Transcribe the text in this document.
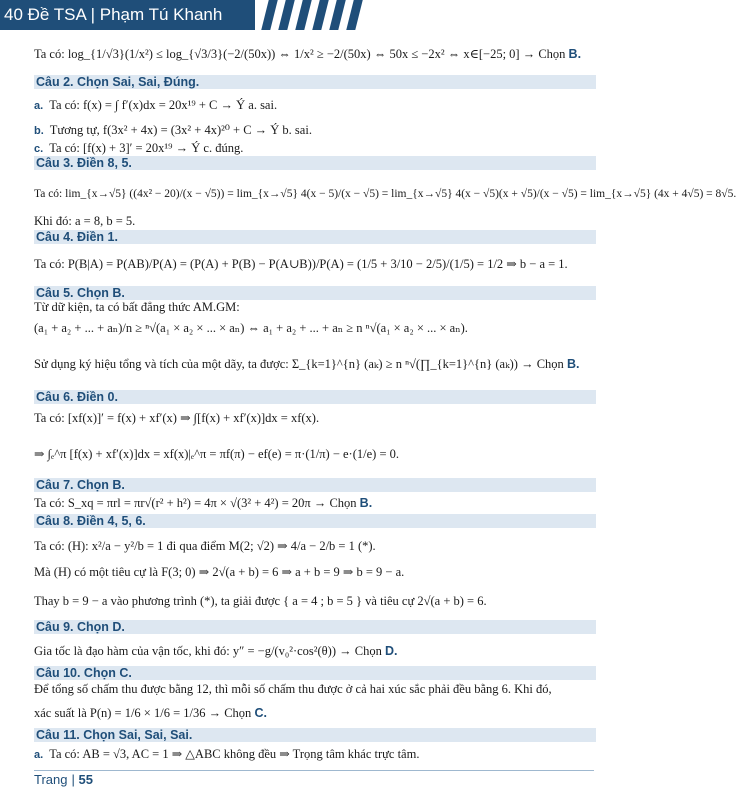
40 Đề TSA | Phạm Tú Khanh
Ta có: log_{1/√3}(1/x²) ≤ log_{√3/3}(−2/(50x)) ⇔ 1/x² ≥ −2/(50x) ⇔ 50x ≤ −2x² ⇔ x∈[−25; 0] → Chọn B.
Câu 2. Chọn Sai, Sai, Đúng.
a. Ta có: f(x) = ∫ f′(x)dx = 20x¹⁹ + C → Ý a. sai.
b. Tương tự, f(3x² + 4x) = (3x² + 4x)²⁰ + C → Ý b. sai.
c. Ta có: [f(x) + 3]′ = 20x¹⁹ → Ý c. đúng.
Câu 3. Điền 8, 5.
Ta có: lim_{x→√5} ((4x² − 20)/(x − √5)) = lim_{x→√5} 4(x − 5)/(x − √5) = lim_{x→√5} 4(x − √5)(x + √5)/(x − √5) = lim_{x→√5} (4x + 4√5) = 8√5.
Khi đó: a = 8, b = 5.
Câu 4. Điền 1.
Ta có: P(B|A) = P(AB)/P(A) = (P(A) + P(B) − P(A∪B))/P(A) = (1/5 + 3/10 − 2/5)/(1/5) = 1/2 ⇒ b − a = 1.
Câu 5. Chọn B.
Từ dữ kiện, ta có bất đẳng thức AM.GM:
(a₁ + a₂ + ... + aₙ)/n ≥ ⁿ√(a₁ × a₂ × ... × aₙ) ⇔ a₁ + a₂ + ... + aₙ ≥ n ⁿ√(a₁ × a₂ × ... × aₙ).
Sử dụng ký hiệu tổng và tích của một dãy, ta được: Σ_{k=1}^{n} (aₖ) ≥ n ⁿ√(∏_{k=1}^{n} (aₖ)) → Chọn B.
Câu 6. Điền 0.
Ta có: [xf(x)]′ = f(x) + xf′(x) ⇒ ∫[f(x) + xf′(x)]dx = xf(x).
⇒ ∫ₑ^π [f(x) + xf′(x)]dx = xf(x)|ₑ^π = πf(π) − ef(e) = π·(1/π) − e·(1/e) = 0.
Câu 7. Chọn B.
Ta có: S_xq = πrl = πr√(r² + h²) = 4π × √(3² + 4²) = 20π → Chọn B.
Câu 8. Điền 4, 5, 6.
Ta có: (H): x²/a − y²/b = 1 đi qua điểm M(2; √2) ⇒ 4/a − 2/b = 1 (*).
Mà (H) có một tiêu cự là F(3; 0) ⇒ 2√(a + b) = 6 ⇒ a + b = 9 ⇒ b = 9 − a.
Thay b = 9 − a vào phương trình (*), ta giải được { a = 4 ; b = 5 } và tiêu cự 2√(a + b) = 6.
Câu 9. Chọn D.
Gia tốc là đạo hàm của vận tốc, khi đó: y″ = −g/(v₀²·cos²(θ)) → Chọn D.
Câu 10. Chọn C.
Để tổng số chấm thu được bằng 12, thì mỗi số chấm thu được ở cả hai xúc sắc phải đều bằng 6. Khi đó,
xác suất là P(n) = 1/6 × 1/6 = 1/36 → Chọn C.
Câu 11. Chọn Sai, Sai, Sai.
a. Ta có: AB = √3, AC = 1 ⇒ △ABC không đều ⇒ Trọng tâm khác trực tâm.
Trang | 55
